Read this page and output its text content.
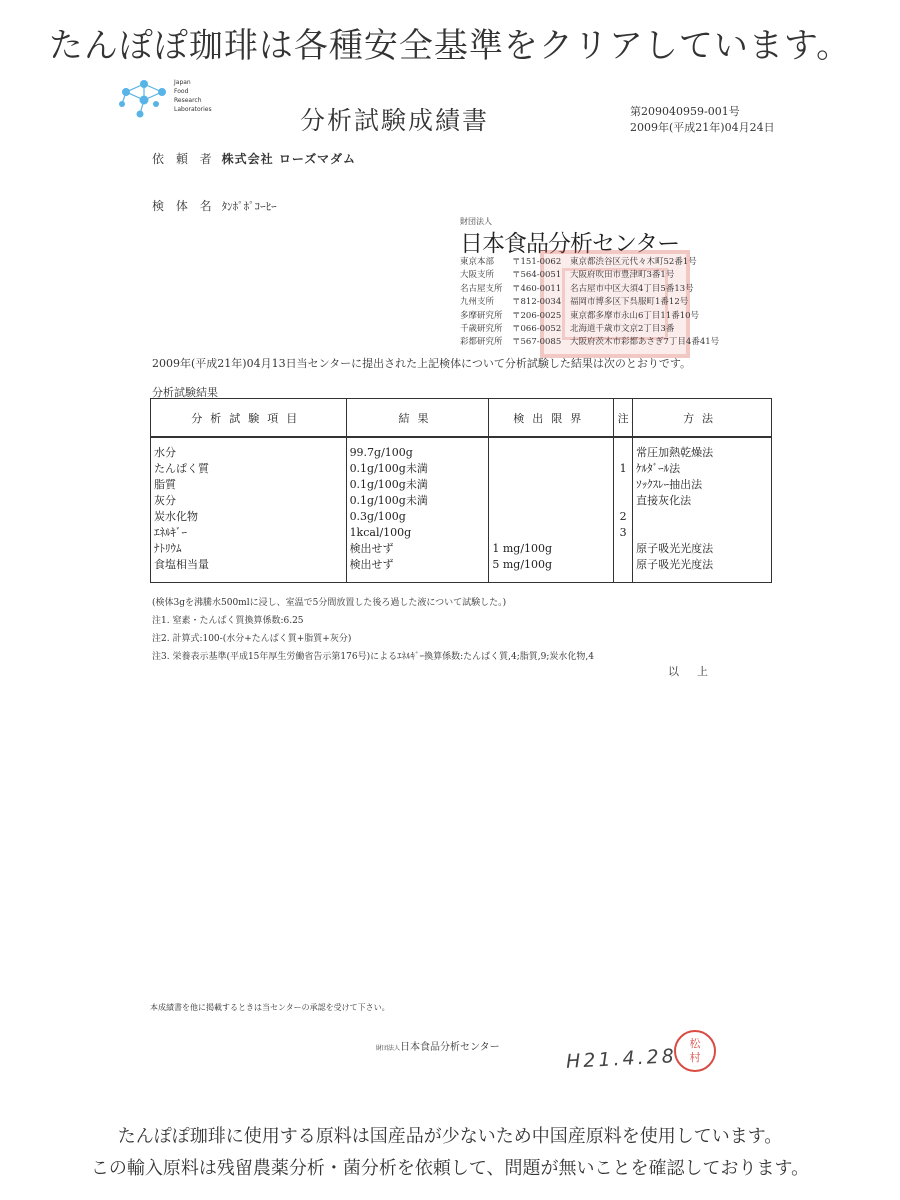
たんぽぽ珈琲は各種安全基準をクリアしています。
Japan
Food
Research
Laboratories	分析試験成績書	第209040959-001号
2009年(平成21年)04月24日
依 頼 者 株式会社 ローズマダム
検 体 名 ﾀﾝﾎﾟﾎﾟｺｰﾋｰ
財団法人
日本食品分析センター
東京本部 〒151-0062 東京都渋谷区元代々木町52番1号
大阪支所 〒564-0051 大阪府吹田市豊津町3番1号
名古屋支所 〒460-0011 名古屋市中区大須4丁目5番13号
九州支所 〒812-0034 福岡市博多区下呉服町1番12号
多摩研究所 〒206-0025 東京都多摩市永山6丁目11番10号
千歳研究所 〒066-0052 北海道千歳市文京2丁目3番
彩都研究所 〒567-0085 大阪府茨木市彩都あさぎ7丁目4番41号
2009年(平成21年)04月13日当センターに提出された上記検体について分析試験した結果は次のとおりです。
分析試験結果
分析試験項目	結果	検出限界	注	方法
水分	99.7g/100g			常圧加熱乾燥法
たんぱく質	0.1g/100g未満		1	ｹﾙﾀﾞｰﾙ法
脂質	0.1g/100g未満			ｿｯｸｽﾚｰ抽出法
灰分	0.1g/100g未満			直接灰化法
炭水化物	0.3g/100g		2	
ｴﾈﾙｷﾞｰ	1kcal/100g		3	
ﾅﾄﾘｳﾑ	検出せず	1 mg/100g		原子吸光光度法
食塩相当量	検出せず	5 mg/100g		原子吸光光度法
(検体3gを沸騰水500mlに浸し、室温で5分間放置した後ろ過した液について試験した。)
注1. 窒素・たんぱく質換算係数:6.25
注2. 計算式:100-(水分+たんぱく質+脂質+灰分)
注3. 栄養表示基準(平成15年厚生労働省告示第176号)によるｴﾈﾙｷﾞｰ換算係数:たんぱく質,4;脂質,9;炭水化物,4
以上
本成績書を他に掲載するときは当センターの承認を受けて下さい。
財団法人日本食品分析センター	H21.4.28
松村
たんぽぽ珈琲に使用する原料は国産品が少ないため中国産原料を使用しています。
この輸入原料は残留農薬分析・菌分析を依頼して、問題が無いことを確認しております。
